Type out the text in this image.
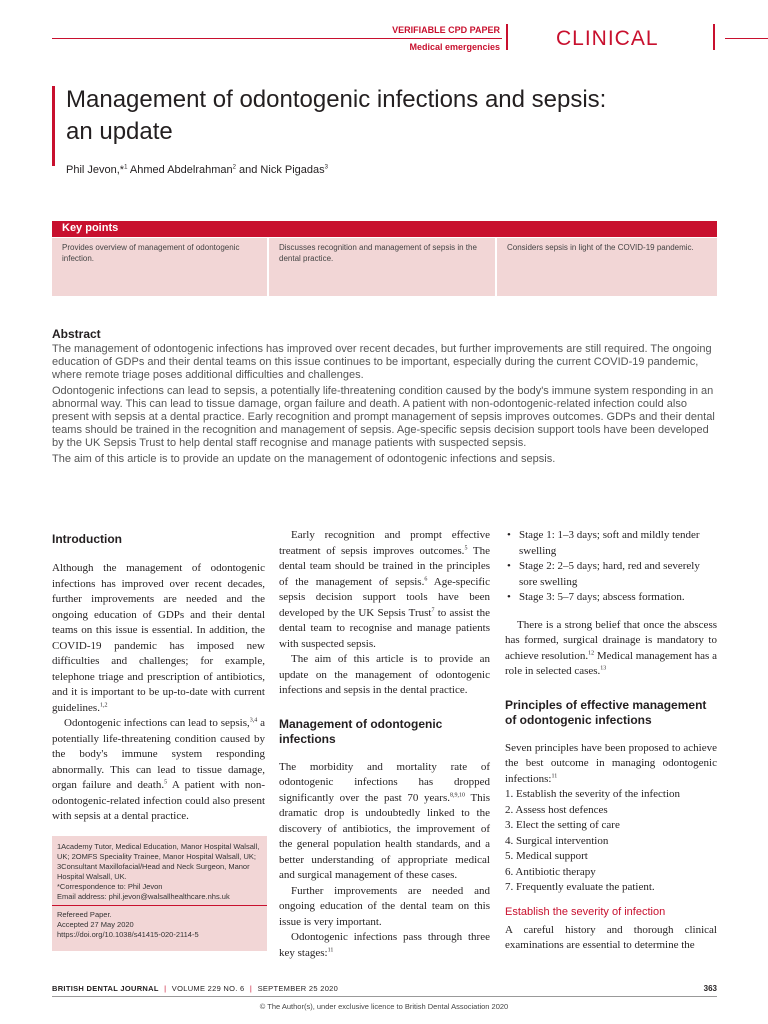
VERIFIABLE CPD PAPER
Medical emergencies	CLINICAL
Management of odontogenic infections and sepsis:
an update
Phil Jevon,*$^1$ Ahmed Abdelrahman$^2$ and Nick Pigadas$^3$
Key points
Provides overview of management of odontogenic infection.
Discusses recognition and management of sepsis in the dental practice.
Considers sepsis in light of the COVID-19 pandemic.
Abstract

The management of odontogenic infections has improved over recent decades, but further improvements are still required. The ongoing education of GDPs and their dental teams on this issue continues to be important, especially during the current COVID-19 pandemic, where remote triage poses additional difficulties and challenges.

Odontogenic infections can lead to sepsis, a potentially life-threatening condition caused by the body's immune system responding in an abnormal way. This can lead to tissue damage, organ failure and death. A patient with non-odontogenic-related infection could also present with sepsis at a dental practice. Early recognition and prompt management of sepsis improves outcomes. GDPs and their dental teams should be trained in the recognition and management of sepsis. Age-specific sepsis decision support tools have been developed by the UK Sepsis Trust to help dental staff recognise and manage patients with suspected sepsis.

The aim of this article is to provide an update on the management of odontogenic infections and sepsis.

Introduction

Although the management of odontogenic infections has improved over recent decades, further improvements are needed and the ongoing education of GDPs and their dental teams on this issue is essential. In addition, the COVID-19 pandemic has imposed new difficulties and challenges; for example, telephone triage and prescription of antibiotics, and it is important to be up-to-date with current guidelines.$^{1,2}$

Odontogenic infections can lead to sepsis,$^{3,4}$ a potentially life-threatening condition caused by the body's immune system responding abnormally. This can lead to tissue damage, organ failure and death.$^5$ A patient with non-odontogenic-related infection could also present with sepsis at a dental practice.

1Academy Tutor, Medical Education, Manor Hospital Walsall, UK; 2OMFS Speciality Trainee, Manor Hospital Walsall, UK; 3Consultant Maxillofacial/Head and Neck Surgeon, Manor Hospital Walsall, UK.
*Correspondence to: Phil Jevon
Email address: phil.jevon@walsallhealthcare.nhs.uk
Refereed Paper.
Accepted 27 May 2020
https://doi.org/10.1038/s41415-020-2114-5

Early recognition and prompt effective treatment of sepsis improves outcomes.$^5$ The dental team should be trained in the principles of the management of sepsis.$^6$ Age-specific sepsis decision support tools have been developed by the UK Sepsis Trust$^7$ to assist the dental team to recognise and manage patients with suspected sepsis.

The aim of this article is to provide an update on the management of odontogenic infections and sepsis in the dental practice.

Management of odontogenic infections

The morbidity and mortality rate of odontogenic infections has dropped significantly over the past 70 years.$^{8,9,10}$ This dramatic drop is undoubtedly linked to the discovery of antibiotics, the improvement of the general population health standards, and a better understanding of appropriate medical and surgical management of these cases.

Further improvements are needed and ongoing education of the dental team on this issue is very important.

Odontogenic infections pass through three key stages:$^{11}$

• Stage 1: 1–3 days; soft and mildly tender swelling
• Stage 2: 2–5 days; hard, red and severely sore swelling
• Stage 3: 5–7 days; abscess formation.

There is a strong belief that once the abscess has formed, surgical drainage is mandatory to achieve resolution.$^{12}$ Medical management has a role in selected cases.$^{13}$

Principles of effective management of odontogenic infections

Seven principles have been proposed to achieve the best outcome in managing odontogenic infections:$^{11}$

1. Establish the severity of the infection
2. Assess host defences
3. Elect the setting of care
4. Surgical intervention
5. Medical support
6. Antibiotic therapy
7. Frequently evaluate the patient.
Establish the severity of infection

A careful history and thorough clinical examinations are essential to determine the

BRITISH DENTAL JOURNAL | VOLUME 229 NO. 6 | SEPTEMBER 25 2020	363
© The Author(s), under exclusive licence to British Dental Association 2020
